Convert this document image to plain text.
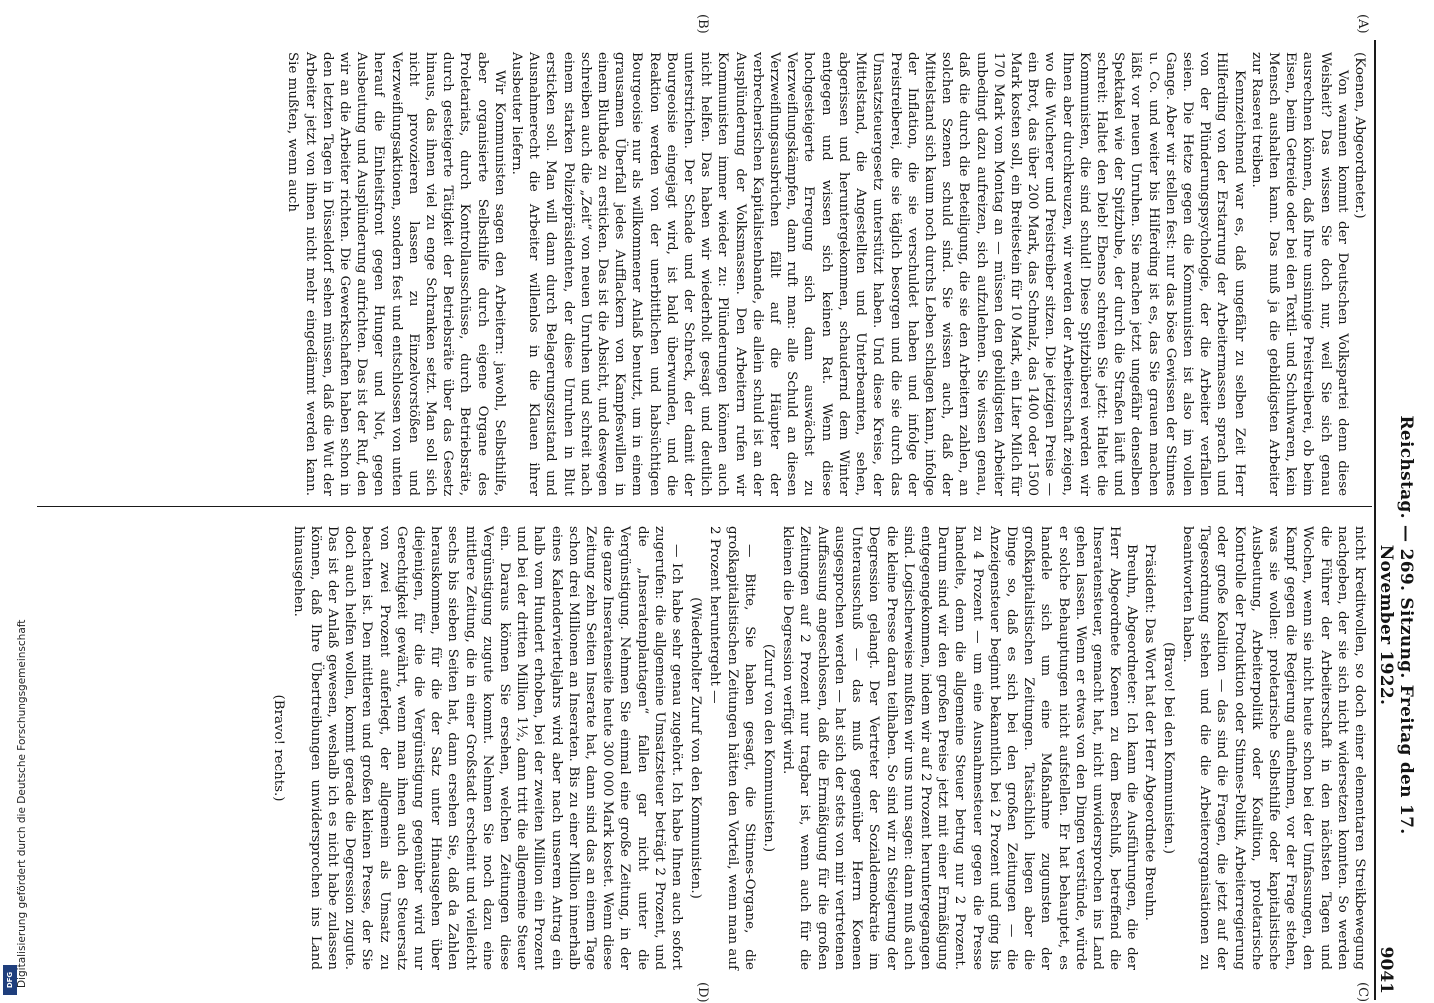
Reichstag. — 269. Sitzung. Freitag den 17. November 1922.
9041
(A)
(B)
(C)
(D)

(Koenen, Abgeordneter.)

Von wannen kommt der Deutschen Volkspartei denn diese Weisheit? Das wissen Sie doch nur, weil Sie sich genau ausrechnen können, daß Ihre unsinnige Preistreiberei, ob beim Eisen, beim Getreide oder bei den Textil- und Schuhwaren, kein Mensch aushalten kann. Das muß ja die gebildigsten Arbeiter zur Raserei treiben.

Kennzeichnend war es, daß ungefähr zu selben Zeit Herr Hilferding von der Erstarrung der Arbeitermassen sprach und von der Plünderungspsychologie, der die Arbeiter verfallen seien. Die Hetze gegen die Kommunisten ist also im vollen Gange. Aber wir stellen fest: nur das böse Gewissen der Stinnes u. Co. und weiter bis Hilferding ist es, das Sie grauen machen läßt vor neuen Unruhen. Sie machen jetzt ungefähr denselben Spektakel wie der Spitzbube, der durch die Straßen läuft und schreit: Haltet den Dieb! Ebenso schreien Sie jetzt: Haltet die Kommunisten, die sind schuld! Diese Spitzbüberei werden wir Ihnen aber durchkreuzen, wir werden der Arbeiterschaft zeigen, wo die Wucherer und Preistreiber sitzen. Die jetzigen Preise — ein Brot, das über 200 Mark, das Schmalz, das 1400 oder 1500 Mark kosten soll, ein Breitestein für 10 Mark, ein Liter Milch für 170 Mark vom Montag an — müssen den gebildigsten Arbeiter unbedingt dazu aufreizen, sich aufzulehnen. Sie wissen genau, daß die durch die Beteiligung, die sie den Arbeitern zahlen, an solchen Szenen schuld sind. Sie wissen auch, daß der Mittelstand sich kaum noch durchs Leben schlagen kann, infolge der Inflation, die sie verschuldet haben und infolge der Preistreiberei, die sie täglich besorgen und die sie durch das Umsatzsteuergesetz unterstützt haben. Und diese Kreise, der Mittelstand, die Angestellten und Unterbeamten, sehen, abgerissen und heruntergekommen, schaudernd dem Winter entgegen und wissen sich keinen Rat. Wenn diese hochgesteigerte Erregung sich dann auswächst zu Verzweiflungskämpfen, dann ruft man: alle Schuld an diesen Verzweiflungsausbrüchen fällt auf die Häupter der verbrecherischen Kapitalistenbande, die allein schuld ist an der Ausplünderung der Volksmassen. Den Arbeitern rufen wir Kommunisten immer wieder zu: Plünderungen können auch nicht helfen. Das haben wir wiederholt gesagt und deutlich unterstrichen. Der Schade und der Schreck, der damit der Bourgeoisie eingejagt wird, ist bald überwunden, und die Reaktion werden von der unerbittlichen und habsüchtigen Bourgeoisie nur als willkommener Anlaß benutzt, um in einem grausamen Überfall jedes Aufflackern von Kampfeswillen in einem Blutbade zu ersticken. Das ist die Absicht, und deswegen schreiben auch die „Zeit“ von neuen Unruhen und schreit nach einem starken Polizeipräsidenten, der diese Unruhen in Blut ersticken soll. Man will dann durch Belagerungszustand und Ausnahmerecht die Arbeiter willenlos in die Klauen ihrer Ausbeuter liefern.

Wir Kommunisten sagen den Arbeitern: jawohl, Selbsthilfe, aber organisierte Selbsthilfe durch eigene Organe des Proletariats, durch Kontrollausschüsse, durch Betriebsräte, durch gesteigerte Tätigkeit der Betriebsräte über das Gesetz hinaus, das ihnen viel zu enge Schranken setzt. Man soll sich nicht provozieren lassen zu Einzelvorstößen und Verzweiflungsaktionen, sondern fest und entschlossen von unten herauf die Einheitsfront gegen Hunger und Not, gegen Ausbeutung und Ausplünderung aufrichten. Das ist der Ruf, den wir an die Arbeiter richten. Die Gewerkschaften haben schon in den letzten Tagen in Düsseldorf sehen müssen, daß die Wut der Arbeiter jetzt von ihnen nicht mehr eingedämmt werden kann. Sie mußten, wenn auch

nicht kreditwollen, so doch einer elementaren Streikbewegung nachgeben, der sie sich nicht widersetzen konnten. So werden die Führer der Arbeiterschaft in den nächsten Tagen und Wochen, wenn sie nicht heute schon bei der Umfassungen, den Kampf gegen die Regierung aufnehmen, vor der Frage stehen, was sie wollen: proletarische Selbsthilfe oder kapitalistische Ausbeutung, Arbeiterpolitik oder Koalition, proletarische Kontrolle der Produktion oder Stinnes-Politik, Arbeiterregierung oder große Koalition — das sind die Fragen, die jetzt auf der Tagesordnung stehen und die die Arbeiterorganisationen zu beantworten haben.

(Bravo! bei den Kommunisten.)

Präsident: Das Wort hat der Herr Abgeordnete Breuhn.

Breuhn, Abgeordneter: Ich kann die Ausführungen, die der Herr Abgeordnete Koenen zu dem Beschluß, betreffend die Inseratensteuer, gemacht hat, nicht unwidersprochen ins Land gehen lassen. Wenn er etwas von den Dingen verstünde, würde er solche Behauptungen nicht aufstellen. Er hat behauptet, es handele sich um eine Maßnahme zugunsten der großkapitalistischen Zeitungen. Tatsächlich liegen aber die Dinge so, daß es sich bei den großen Zeitungen — die Anzeigensteuer beginnt bekanntlich bei 2 Prozent und ging bis zu 4 Prozent — um eine Ausnahmesteuer gegen die Presse handelte, denn die allgemeine Steuer betrug nur 2 Prozent. Darum sind wir den großen Preise jetzt mit einer Ermäßigung entgegengekommen, indem wir auf 2 Prozent heruntergegangen sind. Logischerweise mußten wir uns nun sagen: dann muß auch die kleine Presse daran teilhaben. So sind wir zu Steigerung der Degression gelangt. Der Vertreter der Sozialdemokratie im Unterausschuß — das muß gegenüber Herrn Koenen ausgesprochen werden — hat sich der stets von mir vertretenen Auffassung angeschlossen, daß die Ermäßigung für die großen Zeitungen auf 2 Prozent nur tragbar ist, wenn auch für die kleinen die Degression verfügt wird.

(Zuruf von den Kommunisten.)

— Bitte, Sie haben gesagt, die Stinnes-Organe, die großkapitalistischen Zeitungen hätten den Vorteil, wenn man auf 2 Prozent heruntergeht —

(Wiederholter Zuruf von den Kommunisten.)

— Ich habe sehr genau zugehört. Ich habe Ihnen auch sofort zugerufen: die allgemeine Umsatzsteuer beträgt 2 Prozent, und die „Inseratenplantagen“ fallen gar nicht unter die Vergünstigung. Nehmen Sie einmal eine große Zeitung, in der die ganze Inseratenseite heute 300 000 Mark kostet. Wenn diese Zeitung zehn Seiten Inserate hat, dann sind das an einem Tage schon drei Millionen an Inseraten. Bis zu einer Million innerhalb eines Kalendervierteljahrs wird aber nach unserem Antrag ein halb vom Hundert erhoben, bei der zweiten Million ein Prozent und bei der dritten Million 1½, dann tritt die allgemeine Steuer ein. Daraus können Sie ersehen, welchen Zeitungen diese Vergünstigung zugute kommt. Nehmen Sie noch dazu eine mittlere Zeitung, die in einer Großstadt erscheint und vielleicht sechs bis sieben Seiten hat, dann ersehen Sie, daß da Zahlen herauskommen, für die der Satz unter Hinausgehen über diejenigen, für die die Vergünstigung gegenüber wird nur Gerechtigkeit gewährt, wenn man ihnen auch den Steuersatz von zwei Prozent auferlegt, der allgemein als Umsatz zu beachten ist. Den mittleren und großen kleinen Presse, der Sie doch auch helfen wollen, kommt gerade die Degression zugute. Das ist der Anlaß gewesen, weshalb ich es nicht habe zulassen können, daß Ihre Übertreibungen unwidersprochen ins Land hinausgehen.

(Bravo! rechts.)

DFG Digitalisierung gefördert durch die Deutsche Forschungsgemeinschaft
